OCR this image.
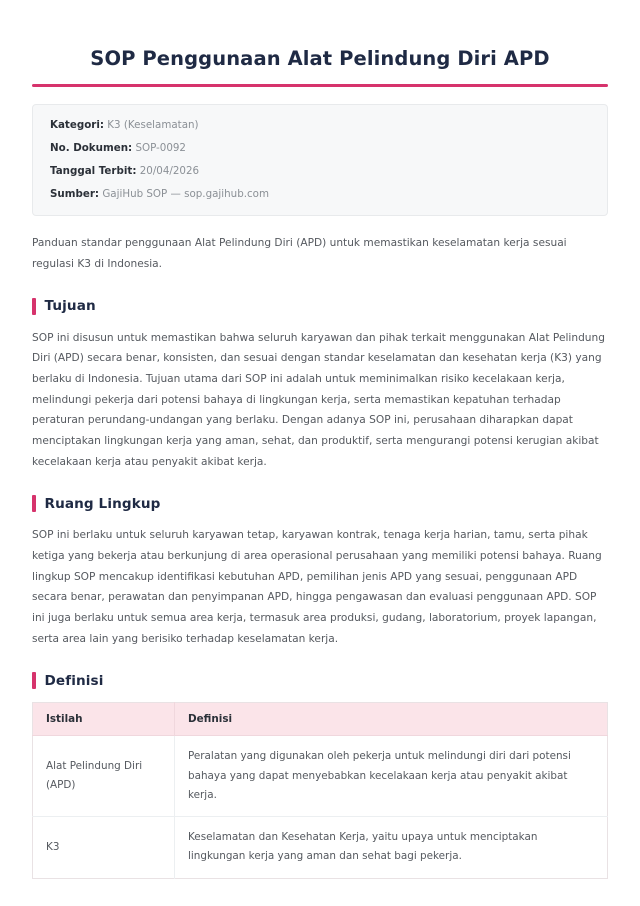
SOP Penggunaan Alat Pelindung Diri APD
Kategori: K3 (Keselamatan)
No. Dokumen: SOP-0092
Tanggal Terbit: 20/04/2026
Sumber: GajiHub SOP — sop.gajihub.com

Panduan standar penggunaan Alat Pelindung Diri (APD) untuk memastikan keselamatan kerja sesuai regulasi K3 di Indonesia.

Tujuan

SOP ini disusun untuk memastikan bahwa seluruh karyawan dan pihak terkait menggunakan Alat Pelindung Diri (APD) secara benar, konsisten, dan sesuai dengan standar keselamatan dan kesehatan kerja (K3) yang berlaku di Indonesia. Tujuan utama dari SOP ini adalah untuk meminimalkan risiko kecelakaan kerja, melindungi pekerja dari potensi bahaya di lingkungan kerja, serta memastikan kepatuhan terhadap peraturan perundang-undangan yang berlaku. Dengan adanya SOP ini, perusahaan diharapkan dapat menciptakan lingkungan kerja yang aman, sehat, dan produktif, serta mengurangi potensi kerugian akibat kecelakaan kerja atau penyakit akibat kerja.

Ruang Lingkup

SOP ini berlaku untuk seluruh karyawan tetap, karyawan kontrak, tenaga kerja harian, tamu, serta pihak ketiga yang bekerja atau berkunjung di area operasional perusahaan yang memiliki potensi bahaya. Ruang lingkup SOP mencakup identifikasi kebutuhan APD, pemilihan jenis APD yang sesuai, penggunaan APD secara benar, perawatan dan penyimpanan APD, hingga pengawasan dan evaluasi penggunaan APD. SOP ini juga berlaku untuk semua area kerja, termasuk area produksi, gudang, laboratorium, proyek lapangan, serta area lain yang berisiko terhadap keselamatan kerja.

Definisi
Istilah	Definisi
Alat Pelindung Diri (APD)	Peralatan yang digunakan oleh pekerja untuk melindungi diri dari potensi bahaya yang dapat menyebabkan kecelakaan kerja atau penyakit akibat kerja.
K3	Keselamatan dan Kesehatan Kerja, yaitu upaya untuk menciptakan lingkungan kerja yang aman dan sehat bagi pekerja.
